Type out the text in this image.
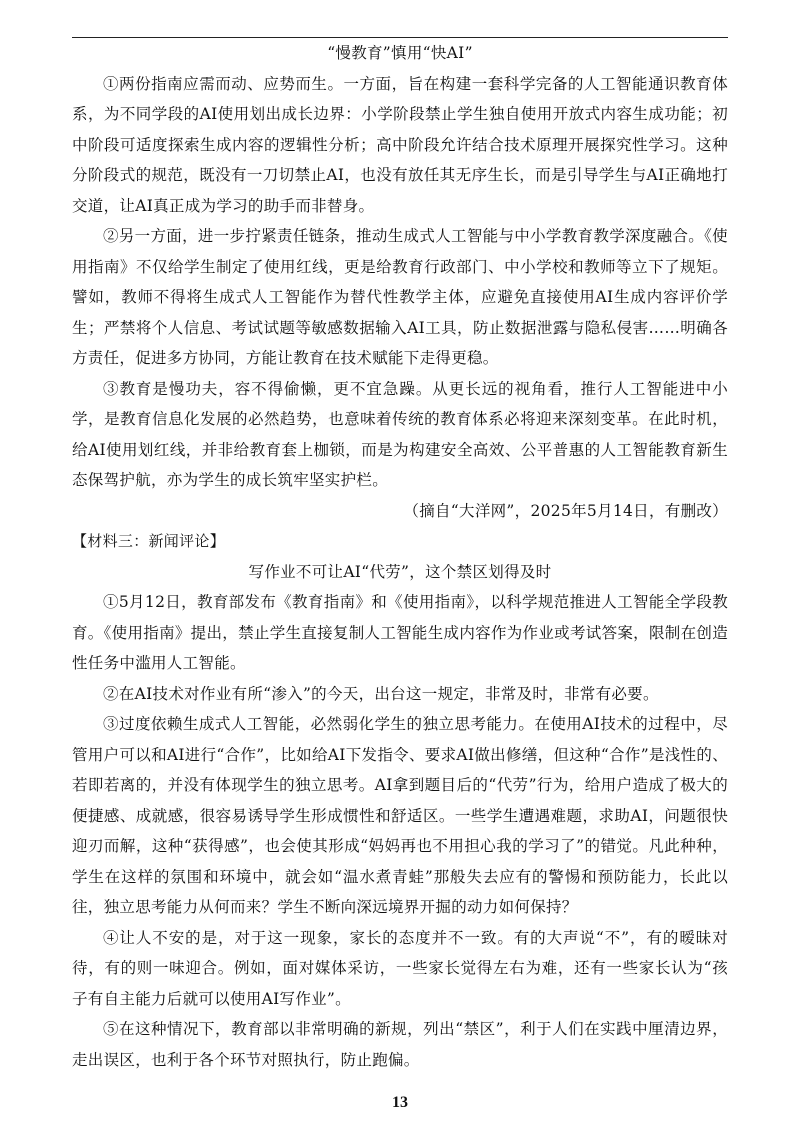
“慢教育”慎用“快AI”

①两份指南应需而动、应势而生。一方面，旨在构建一套科学完备的人工智能通识教育体系，为不同学段的AI使用划出成长边界：小学阶段禁止学生独自使用开放式内容生成功能；初中阶段可适度探索生成内容的逻辑性分析；高中阶段允许结合技术原理开展探究性学习。这种分阶段式的规范，既没有一刀切禁止AI，也没有放任其无序生长，而是引导学生与AI正确地打交道，让AI真正成为学习的助手而非替身。

②另一方面，进一步拧紧责任链条，推动生成式人工智能与中小学教育教学深度融合。《使用指南》不仅给学生制定了使用红线，更是给教育行政部门、中小学校和教师等立下了规矩。譬如，教师不得将生成式人工智能作为替代性教学主体，应避免直接使用AI生成内容评价学生；严禁将个人信息、考试试题等敏感数据输入AI工具，防止数据泄露与隐私侵害……明确各方责任，促进多方协同，方能让教育在技术赋能下走得更稳。

③教育是慢功夫，容不得偷懒，更不宜急躁。从更长远的视角看，推行人工智能进中小学，是教育信息化发展的必然趋势，也意味着传统的教育体系必将迎来深刻变革。在此时机，给AI使用划红线，并非给教育套上枷锁，而是为构建安全高效、公平普惠的人工智能教育新生态保驾护航，亦为学生的成长筑牢坚实护栏。

（摘自“大洋网”，2025年5月14日，有删改）

【材料三：新闻评论】

写作业不可让AI“代劳”，这个禁区划得及时

①5月12日，教育部发布《教育指南》和《使用指南》，以科学规范推进人工智能全学段教育。《使用指南》提出，禁止学生直接复制人工智能生成内容作为作业或考试答案，限制在创造性任务中滥用人工智能。

②在AI技术对作业有所“渗入”的今天，出台这一规定，非常及时，非常有必要。

③过度依赖生成式人工智能，必然弱化学生的独立思考能力。在使用AI技术的过程中，尽管用户可以和AI进行“合作”，比如给AI下发指令、要求AI做出修缮，但这种“合作”是浅性的、若即若离的，并没有体现学生的独立思考。AI拿到题目后的“代劳”行为，给用户造成了极大的便捷感、成就感，很容易诱导学生形成惯性和舒适区。一些学生遭遇难题，求助AI，问题很快迎刃而解，这种“获得感”，也会使其形成“妈妈再也不用担心我的学习了”的错觉。凡此种种，学生在这样的氛围和环境中，就会如“温水煮青蛙”那般失去应有的警惕和预防能力，长此以往，独立思考能力从何而来？学生不断向深远境界开掘的动力如何保持？

④让人不安的是，对于这一现象，家长的态度并不一致。有的大声说“不”，有的暧昧对待，有的则一味迎合。例如，面对媒体采访，一些家长觉得左右为难，还有一些家长认为“孩子有自主能力后就可以使用AI写作业”。

⑤在这种情况下，教育部以非常明确的新规，列出“禁区”，利于人们在实践中厘清边界，走出误区，也利于各个环节对照执行，防止跑偏。

13
